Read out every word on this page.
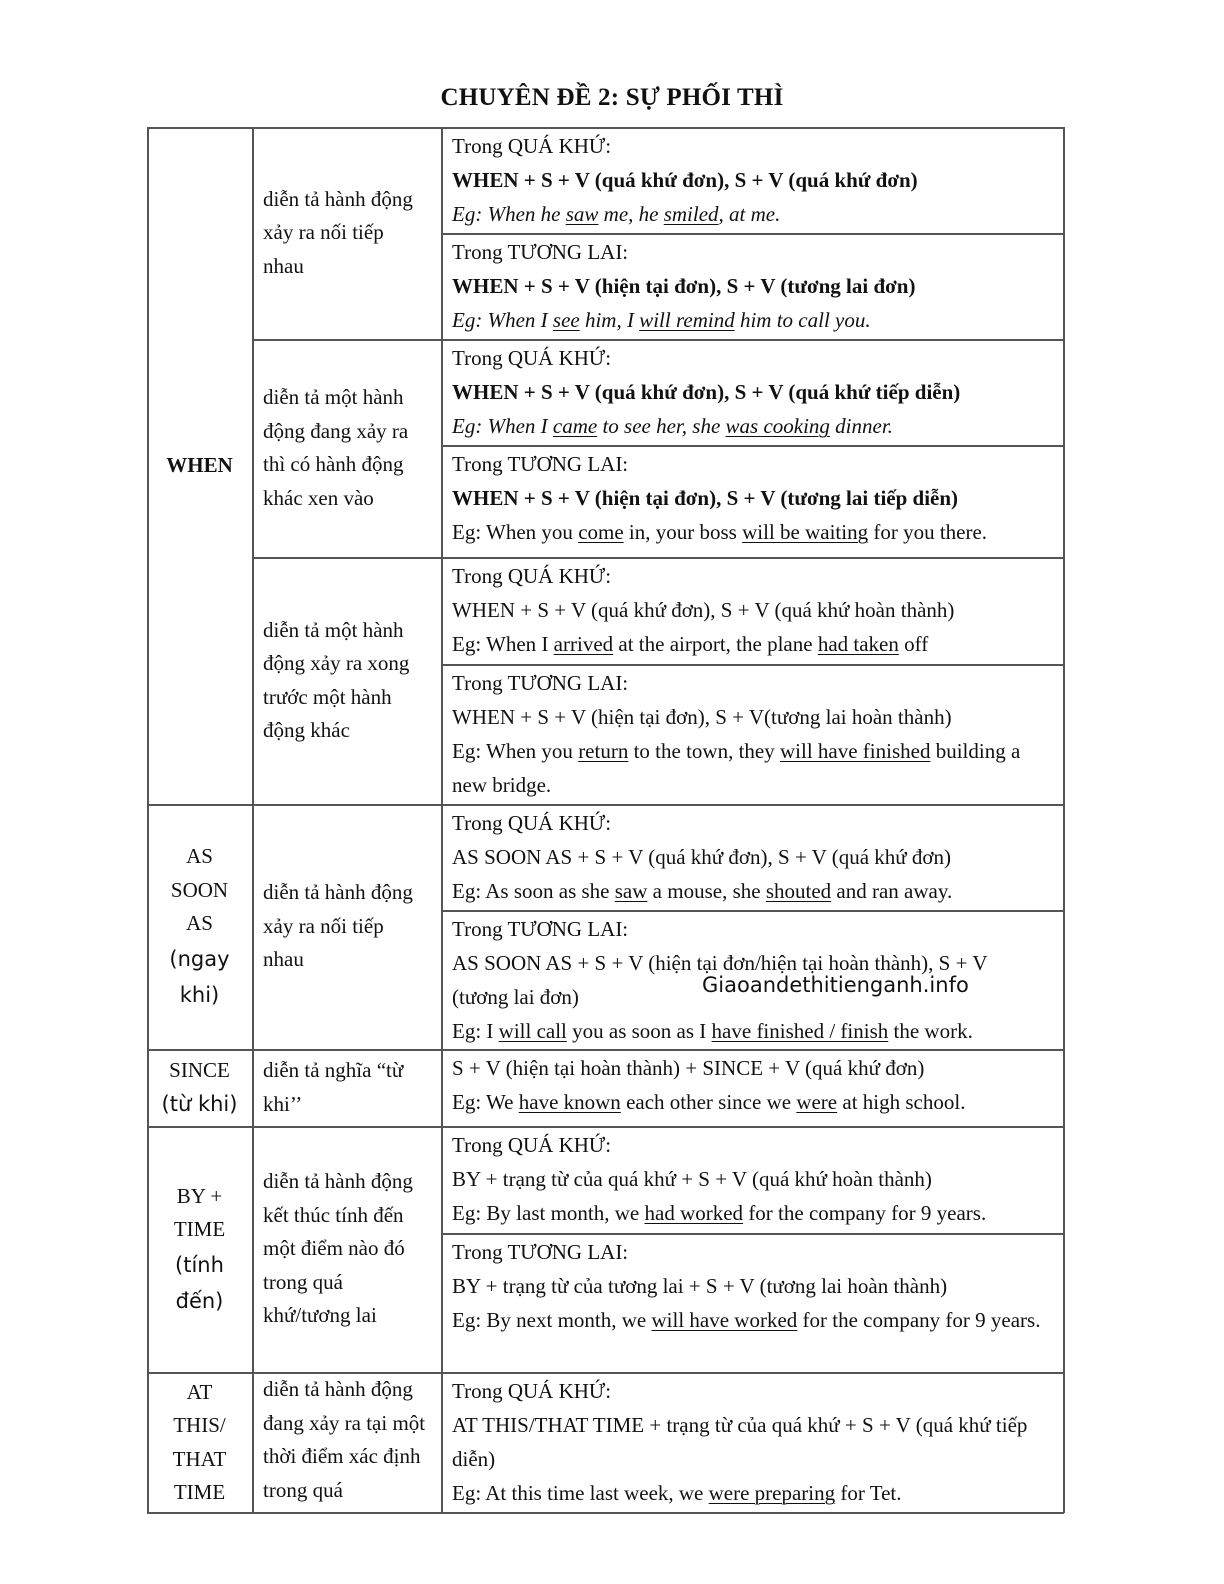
CHUYÊN ĐỀ 2: SỰ PHỐI THÌ
WHEN
AS
SOON
AS
(ngay
khi)
SINCE
(từ khi)
BY +
TIME
(tính
đến)
AT
THIS/
THAT
TIME
diễn tả hành động xảy ra nối tiếp nhau
diễn tả một hành động đang xảy ra thì có hành động khác xen vào
diễn tả một hành động xảy ra xong trước một hành động khác
diễn tả hành động xảy ra nối tiếp nhau
diễn tả nghĩa “từ khi’’
diễn tả hành động kết thúc tính đến một điểm nào đó trong quá khứ/tương lai
diễn tả hành động đang xảy ra tại một thời điểm xác định trong quá
Trong QUÁ KHỨ:
WHEN + S + V (quá khứ đơn), S + V (quá khứ đơn)
Eg: When he saw me, he smiled, at me.
Trong TƯƠNG LAI:
WHEN + S + V (hiện tại đơn), S + V (tương lai đơn)
Eg: When I see him, I will remind him to call you.
Trong QUÁ KHỨ:
WHEN + S + V (quá khứ đơn), S + V (quá khứ tiếp diễn)
Eg: When I came to see her, she was cooking dinner.
Trong TƯƠNG LAI:
WHEN + S + V (hiện tại đơn), S + V (tương lai tiếp diễn)
Eg: When you come in, your boss will be waiting for you there.
Trong QUÁ KHỨ:
WHEN + S + V (quá khứ đơn), S + V (quá khứ hoàn thành)
Eg: When I arrived at the airport, the plane had taken off
Trong TƯƠNG LAI:
WHEN + S + V (hiện tại đơn), S + V(tương lai hoàn thành)
Eg: When you return to the town, they will have finished building a new bridge.
Trong QUÁ KHỨ:
AS SOON AS + S + V (quá khứ đơn), S + V (quá khứ đơn)
Eg: As soon as she saw a mouse, she shouted and ran away.
Trong TƯƠNG LAI:
AS SOON AS + S + V (hiện tại đơn/hiện tại hoàn thành), S + V
(tương lai đơn)
Eg: I will call you as soon as I have finished / finish the work.
S + V (hiện tại hoàn thành) + SINCE + V (quá khứ đơn)
Eg: We have known each other since we were at high school.
Trong QUÁ KHỨ:
BY + trạng từ của quá khứ + S + V (quá khứ hoàn thành)
Eg: By last month, we had worked for the company for 9 years.
Trong TƯƠNG LAI:
BY + trạng từ của tương lai + S + V (tương lai hoàn thành)
Eg: By next month, we will have worked for the company for 9 years.
Trong QUÁ KHỨ:
AT THIS/THAT TIME + trạng từ của quá khứ + S + V (quá khứ tiếp diễn)
Eg: At this time last week, we were preparing for Tet.
Giaoandethitienganh.info
